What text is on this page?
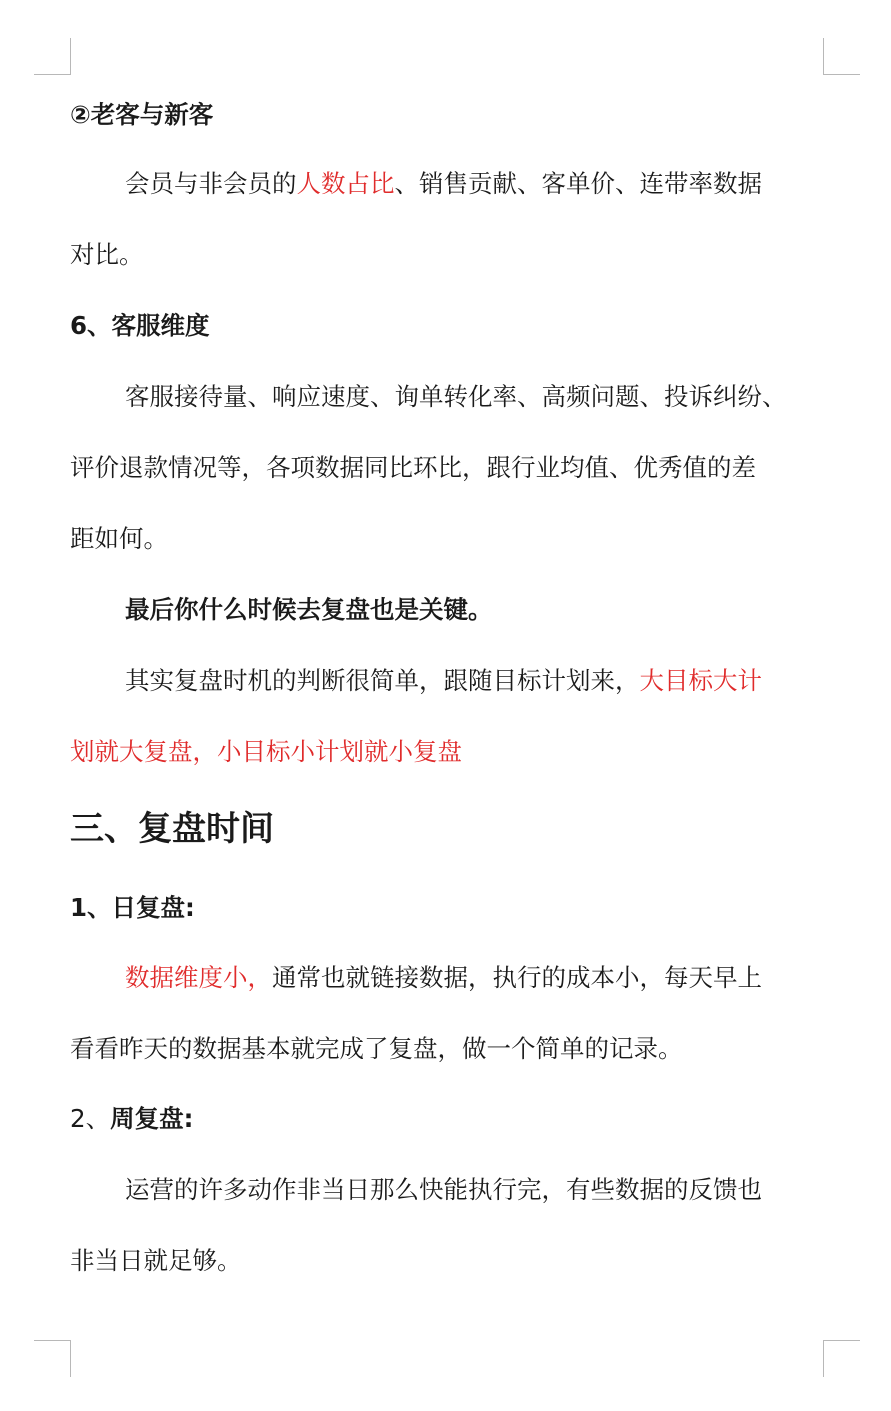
②老客与新客
会员与非会员的人数占比、销售贡献、客单价、连带率数据
对比。
6、客服维度
客服接待量、响应速度、询单转化率、高频问题、投诉纠纷、
评价退款情况等，各项数据同比环比，跟行业均值、优秀值的差
距如何。
最后你什么时候去复盘也是关键。
其实复盘时机的判断很简单，跟随目标计划来，大目标大计
划就大复盘，小目标小计划就小复盘
三、复盘时间
1、日复盘:
数据维度小，通常也就链接数据，执行的成本小，每天早上
看看昨天的数据基本就完成了复盘，做一个简单的记录。
2、周复盘:
运营的许多动作非当日那么快能执行完，有些数据的反馈也
非当日就足够。
